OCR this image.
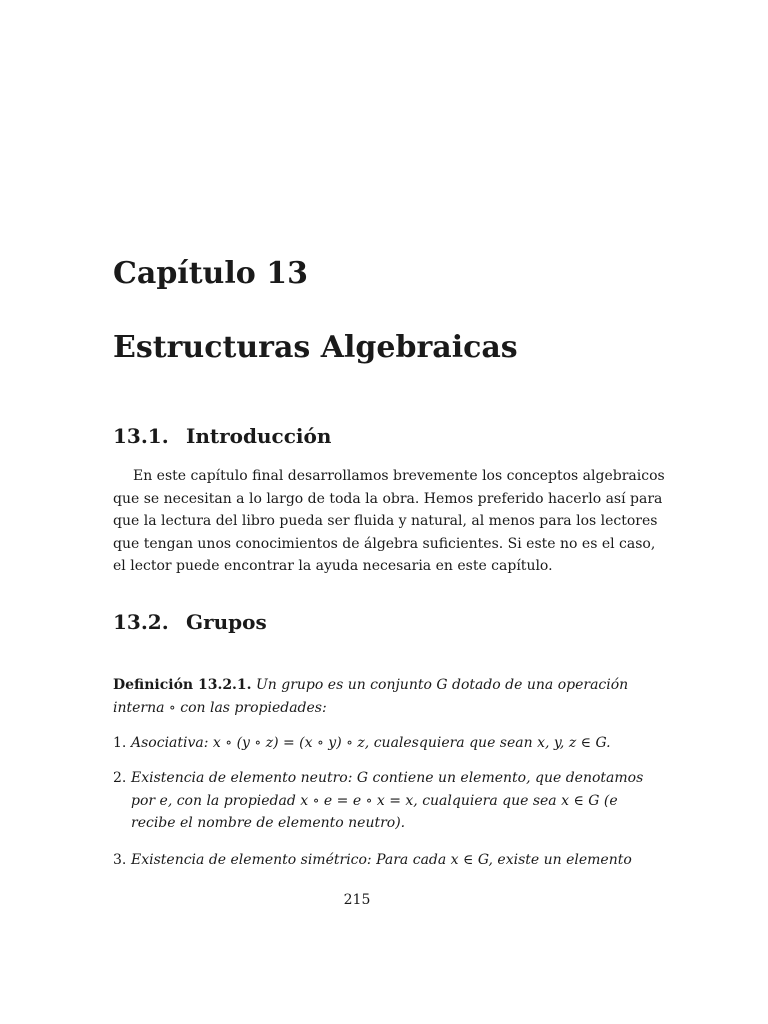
Capítulo 13
Estructuras Algebraicas
13.1. Introducción
En este capítulo final desarrollamos brevemente los conceptos algebraicos
que se necesitan a lo largo de toda la obra. Hemos preferido hacerlo así para
que la lectura del libro pueda ser fluida y natural, al menos para los lectores
que tengan unos conocimientos de álgebra suficientes. Si este no es el caso,
el lector puede encontrar la ayuda necesaria en este capítulo.
13.2. Grupos
Definición 13.2.1. Un grupo es un conjunto G dotado de una operación
interna ∘ con las propiedades:
1. Asociativa: x ∘ (y ∘ z) = (x ∘ y) ∘ z, cualesquiera que sean x, y, z ∈ G.
2. Existencia de elemento neutro: G contiene un elemento, que denotamos
por e, con la propiedad x ∘ e = e ∘ x = x, cualquiera que sea x ∈ G (e
recibe el nombre de elemento neutro).
3. Existencia de elemento simétrico: Para cada x ∈ G, existe un elemento
215
